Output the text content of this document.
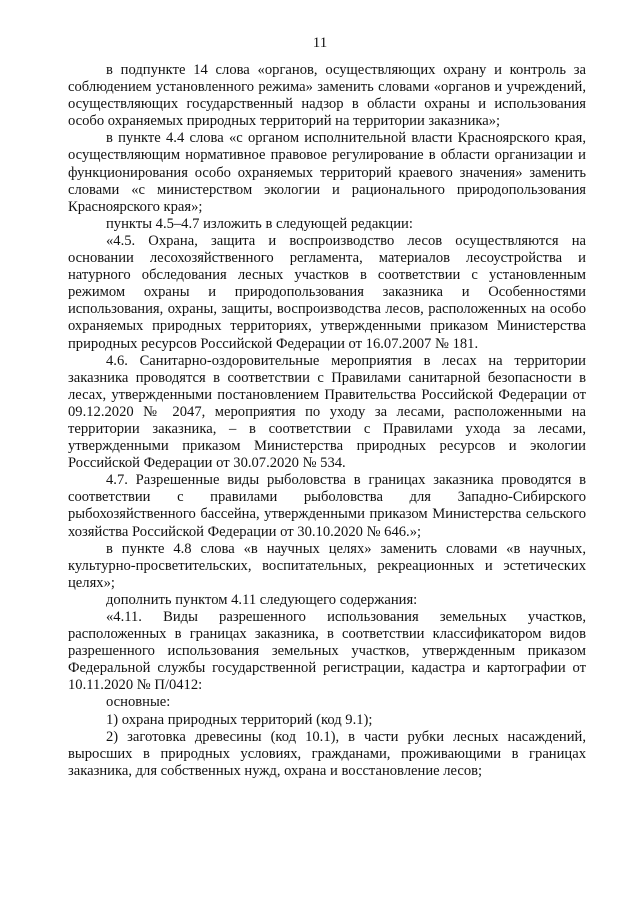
11

в подпункте 14 слова «органов, осуществляющих охрану и контроль за соблюдением установленного режима» заменить словами «органов и учреждений, осуществляющих государственный надзор в области охраны и использования особо охраняемых природных территорий на территории заказника»;

в пункте 4.4 слова «с органом исполнительной власти Красноярского края, осуществляющим нормативное правовое регулирование в области организации и функционирования особо охраняемых территорий краевого значения» заменить словами «с министерством экологии и рационального природопользования Красноярского края»;

пункты 4.5–4.7 изложить в следующей редакции:

«4.5. Охрана, защита и воспроизводство лесов осуществляются на основании лесохозяйственного регламента, материалов лесоустройства и натурного обследования лесных участков в соответствии с установленным режимом охраны и природопользования заказника и Особенностями использования, охраны, защиты, воспроизводства лесов, расположенных на особо охраняемых природных территориях, утвержденными приказом Министерства природных ресурсов Российской Федерации от 16.07.2007 № 181.

4.6. Санитарно-оздоровительные мероприятия в лесах на территории заказника проводятся в соответствии с Правилами санитарной безопасности в лесах, утвержденными постановлением Правительства Российской Федерации от 09.12.2020 № 2047, мероприятия по уходу за лесами, расположенными на территории заказника, – в соответствии с Правилами ухода за лесами, утвержденными приказом Министерства природных ресурсов и экологии Российской Федерации от 30.07.2020 № 534.

4.7. Разрешенные виды рыболовства в границах заказника проводятся в соответствии с правилами рыболовства для Западно-Сибирского рыбохозяйственного бассейна, утвержденными приказом Министерства сельского хозяйства Российской Федерации от 30.10.2020 № 646.»;

в пункте 4.8 слова «в научных целях» заменить словами «в научных, культурно-просветительских, воспитательных, рекреационных и эстетических целях»;

дополнить пунктом 4.11 следующего содержания:

«4.11. Виды разрешенного использования земельных участков, расположенных в границах заказника, в соответствии классификатором видов разрешенного использования земельных участков, утвержденным приказом Федеральной службы государственной регистрации, кадастра и картографии от 10.11.2020 № П/0412:

основные:

1) охрана природных территорий (код 9.1);

2) заготовка древесины (код 10.1), в части рубки лесных насаждений, выросших в природных условиях, гражданами, проживающими в границах заказника, для собственных нужд, охрана и восстановление лесов;
